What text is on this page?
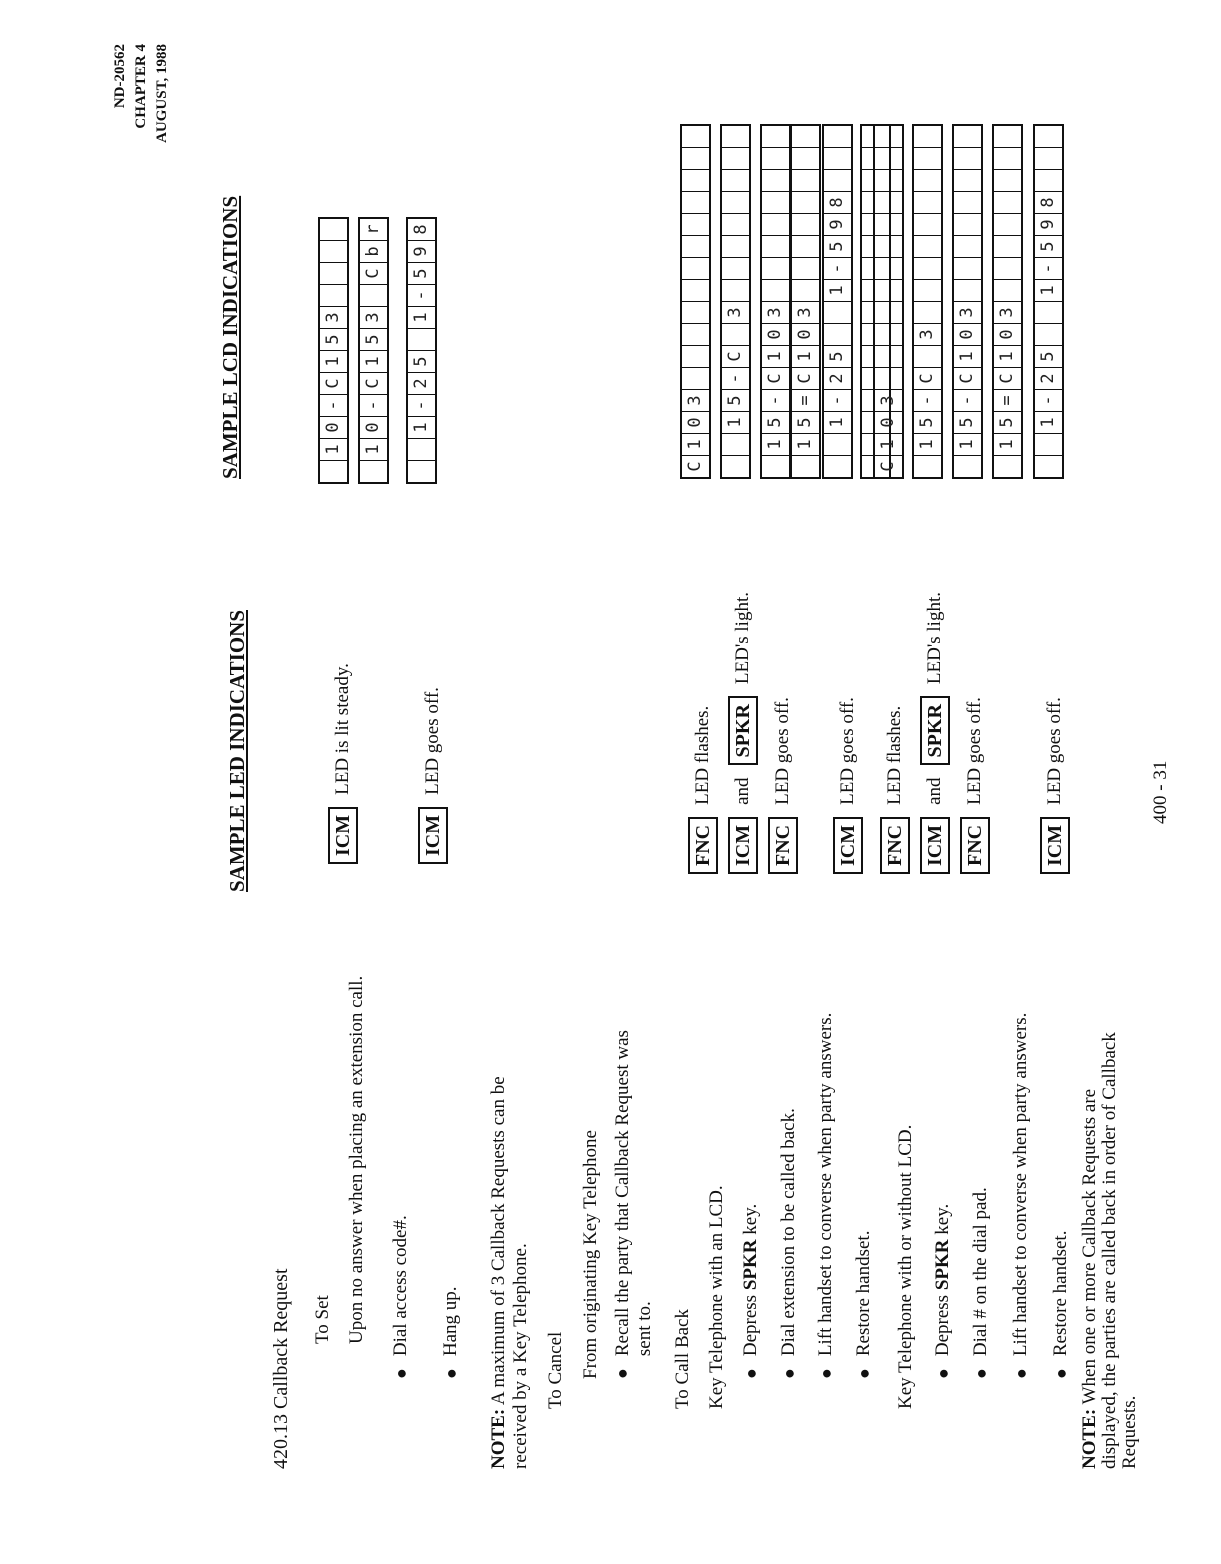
ND-20562 CHAPTER 4 AUGUST, 1988
420.13 Callback Request
SAMPLE LED INDICATIONS
SAMPLE LCD INDICATIONS
To Set Upon no answer when placing an extension call.
●
Dial access code#.
●
Hang up.
ICM
LED is lit steady.
ICM
LED goes off.
1
0
-
C
1
5
3
1
0
-
C
1
5
3
C
b
r
1
-
2
5
1
-
5
9
8
NOTE: A maximum of 3 Callback Requests can be received by a Key Telephone. To Cancel From originating Key Telephone ●
Recall the party that Callback Request was sent to. To Call Back Key Telephone with an LCD. ●
Depress SPKR key.
●
Dial extension to be called back.
●
Lift handset to converse when party answers.
●
Restore handset. Key Telephone with or without LCD. ●
Depress SPKR key.
●
Dial # on the dial pad.
●
Lift handset to converse when party answers.
●
Restore handset.
FNC
LED flashes.
ICM
and
SPKR
LED's light.
FNC
LED goes off.
ICM
LED goes off.
FNC
LED flashes.
ICM
and
SPKR
LED's light.
FNC
LED goes off.
ICM
LED goes off.
C
1
0
3
1
5
-
C
3
1
5
-
C
1
0
3
1
5
=
C
1
0
3
1
-
2
5
1
-
5
9
8
C
1
0
3
1
5
-
C
3
1
5
-
C
1
0
3
1
5
=
C
1
0
3
1
-
2
5
1
-
5
9
8
NOTE: When one or more Callback Requests are displayed, the parties are called back in order of Callback Requests.
400 - 31
